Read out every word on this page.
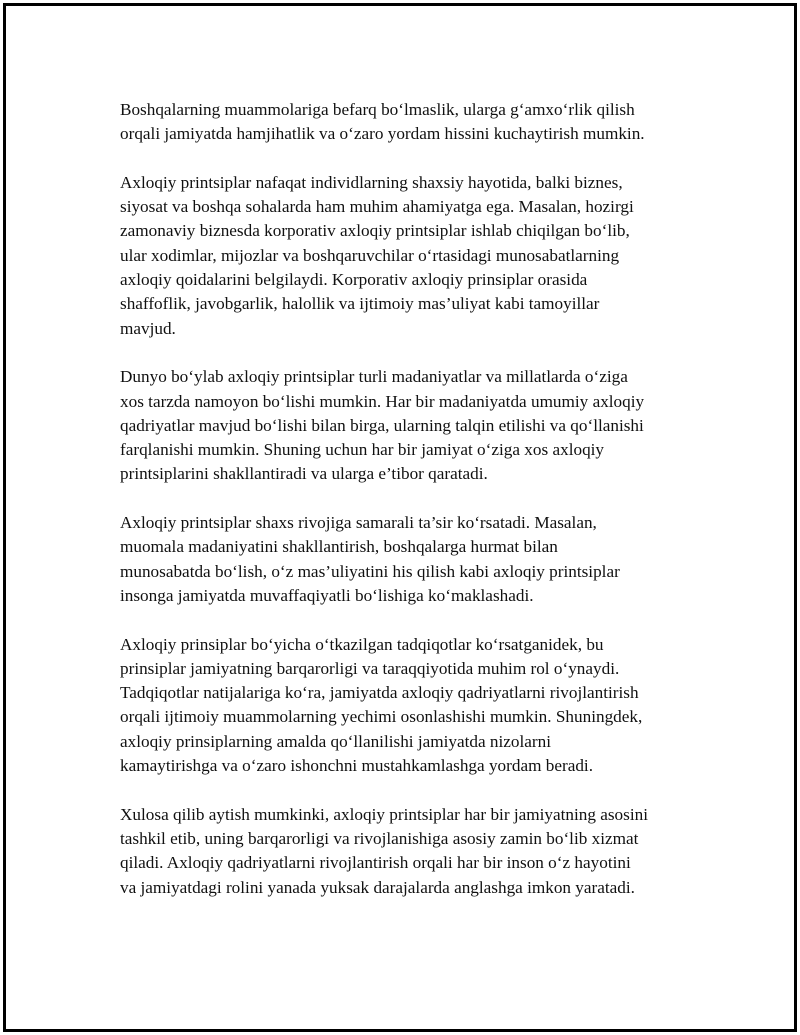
Boshqalarning muammolariga befarq bo‘lmaslik, ularga g‘amxo‘rlik qilish
orqali jamiyatda hamjihatlik va o‘zaro yordam hissini kuchaytirish mumkin.

Axloqiy printsiplar nafaqat individlarning shaxsiy hayotida, balki biznes,
siyosat va boshqa sohalarda ham muhim ahamiyatga ega. Masalan, hozirgi
zamonaviy biznesda korporativ axloqiy printsiplar ishlab chiqilgan bo‘lib,
ular xodimlar, mijozlar va boshqaruvchilar o‘rtasidagi munosabatlarning
axloqiy qoidalarini belgilaydi. Korporativ axloqiy prinsiplar orasida
shaffoflik, javobgarlik, halollik va ijtimoiy mas’uliyat kabi tamoyillar
mavjud.

Dunyo bo‘ylab axloqiy printsiplar turli madaniyatlar va millatlarda o‘ziga
xos tarzda namoyon bo‘lishi mumkin. Har bir madaniyatda umumiy axloqiy
qadriyatlar mavjud bo‘lishi bilan birga, ularning talqin etilishi va qo‘llanishi
farqlanishi mumkin. Shuning uchun har bir jamiyat o‘ziga xos axloqiy
printsiplarini shakllantiradi va ularga e’tibor qaratadi.

Axloqiy printsiplar shaxs rivojiga samarali ta’sir ko‘rsatadi. Masalan,
muomala madaniyatini shakllantirish, boshqalarga hurmat bilan
munosabatda bo‘lish, o‘z mas’uliyatini his qilish kabi axloqiy printsiplar
insonga jamiyatda muvaffaqiyatli bo‘lishiga ko‘maklashadi.

Axloqiy prinsiplar bo‘yicha o‘tkazilgan tadqiqotlar ko‘rsatganidek, bu
prinsiplar jamiyatning barqarorligi va taraqqiyotida muhim rol o‘ynaydi.
Tadqiqotlar natijalariga ko‘ra, jamiyatda axloqiy qadriyatlarni rivojlantirish
orqali ijtimoiy muammolarning yechimi osonlashishi mumkin. Shuningdek,
axloqiy prinsiplarning amalda qo‘llanilishi jamiyatda nizolarni
kamaytirishga va o‘zaro ishonchni mustahkamlashga yordam beradi.

Xulosa qilib aytish mumkinki, axloqiy printsiplar har bir jamiyatning asosini
tashkil etib, uning barqarorligi va rivojlanishiga asosiy zamin bo‘lib xizmat
qiladi. Axloqiy qadriyatlarni rivojlantirish orqali har bir inson o‘z hayotini
va jamiyatdagi rolini yanada yuksak darajalarda anglashga imkon yaratadi.
